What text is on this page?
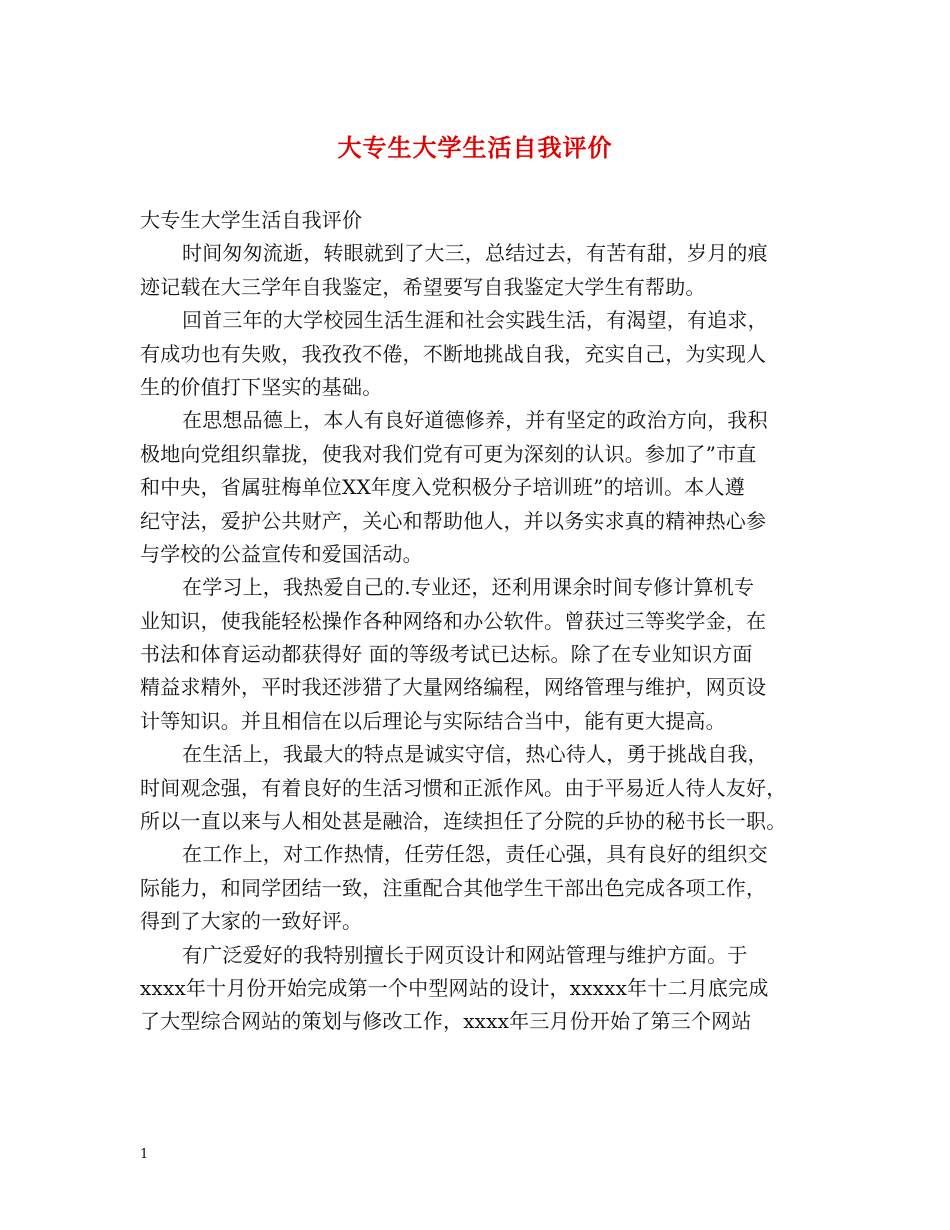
大专生大学生活自我评价
大专生大学生活自我评价
时间匆匆流逝，转眼就到了大三，总结过去，有苦有甜，岁月的痕
迹记载在大三学年自我鉴定，希望要写自我鉴定大学生有帮助。
回首三年的大学校园生活生涯和社会实践生活，有渴望，有追求，
有成功也有失败，我孜孜不倦，不断地挑战自我，充实自己，为实现人
生的价值打下坚实的基础。
在思想品德上，本人有良好道德修养，并有坚定的政治方向，我积
极地向党组织靠拢，使我对我们党有可更为深刻的认识。参加了”市直
和中央，省属驻梅单位XX年度入党积极分子培训班”的培训。本人遵
纪守法，爱护公共财产，关心和帮助他人，并以务实求真的精神热心参
与学校的公益宣传和爱国活动。
在学习上，我热爱自己的.专业还，还利用课余时间专修计算机专
业知识，使我能轻松操作各种网络和办公软件。曾获过三等奖学金，在
书法和体育运动都获得好 面的等级考试已达标。除了在专业知识方面
精益求精外，平时我还涉猎了大量网络编程，网络管理与维护，网页设
计等知识。并且相信在以后理论与实际结合当中，能有更大提高。
在生活上，我最大的特点是诚实守信，热心待人，勇于挑战自我，
时间观念强，有着良好的生活习惯和正派作风。由于平易近人待人友好，
所以一直以来与人相处甚是融洽，连续担任了分院的乒协的秘书长一职。
在工作上，对工作热情，任劳任怨，责任心强，具有良好的组织交
际能力，和同学团结一致，注重配合其他学生干部出色完成各项工作，
得到了大家的一致好评。
有广泛爱好的我特别擅长于网页设计和网站管理与维护方面。于
xxxx年十月份开始完成第一个中型网站的设计，xxxxx年十二月底完成
了大型综合网站的策划与修改工作，xxxx年三月份开始了第三个网站
1
